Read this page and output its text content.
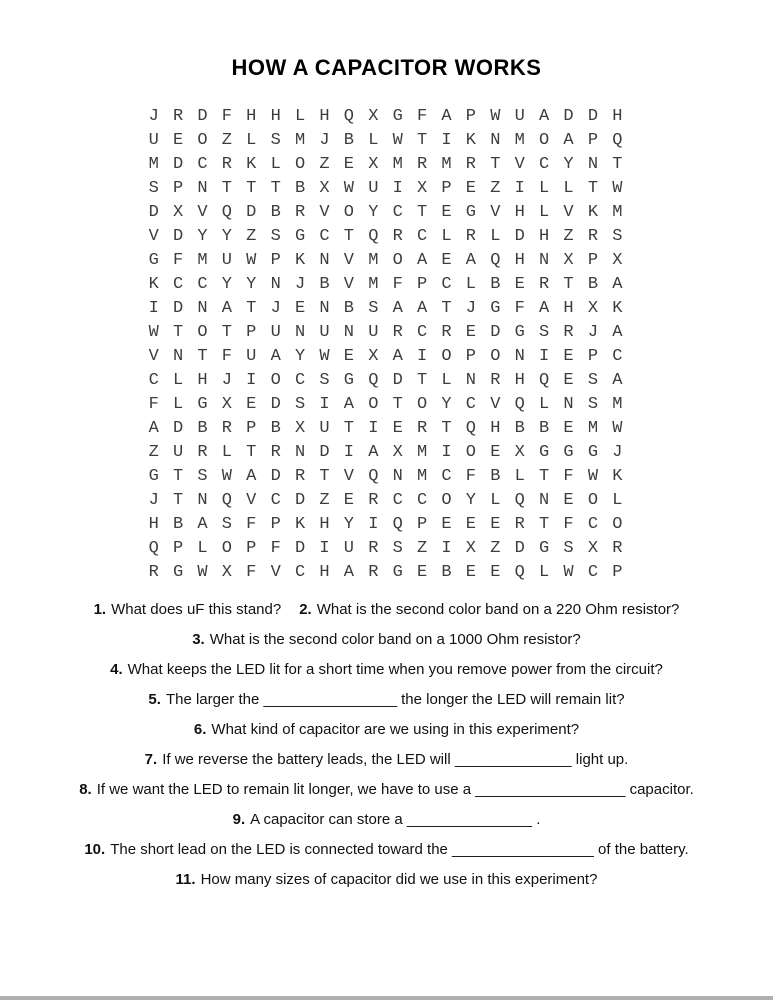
HOW A CAPACITOR WORKS
J R D F H H L H Q X G F A P W U A D D H
U E O Z L S M J B L W T I K N M O A P Q
M D C R K L O Z E X M R M R T V C Y N T
S P N T T T B X W U I X P E Z I L L T W
D X V Q D B R V O Y C T E G V H L V K M
V D Y Y Z S G C T Q R C L R L D H Z R S
G F M U W P K N V M O A E A Q H N X P X
K C C Y Y N J B V M F P C L B E R T B A
I D N A T J E N B S A A T J G F A H X K
W T O T P U N U N U R C R E D G S R J A
V N T F U A Y W E X A I O P O N I E P C
C L H J I O C S G Q D T L N R H Q E S A
F L G X E D S I A O T O Y C V Q L N S M
A D B R P B X U T I E R T Q H B B E M W
Z U R L T R N D I A X M I O E X G G G J
G T S W A D R T V Q N M C F B L T F W K
J T N Q V C D Z E R C C O Y L Q N E O L
H B A S F P K H Y I Q P E E E R T F C O
Q P L O P F D I U R S Z I X Z D G S X R
R G W X F V C H A R G E B E E Q L W C P

1. What does uF this stand? 2. What is the second color band on a 220 Ohm resistor?

3. What is the second color band on a 1000 Ohm resistor?

4. What keeps the LED lit for a short time when you remove power from the circuit?

5. The larger the ________________ the longer the LED will remain lit?

6. What kind of capacitor are we using in this experiment?

7. If we reverse the battery leads, the LED will ______________ light up.

8. If we want the LED to remain lit longer, we have to use a __________________ capacitor.

9. A capacitor can store a _______________ .

10. The short lead on the LED is connected toward the _________________ of the battery.

11. How many sizes of capacitor did we use in this experiment?
